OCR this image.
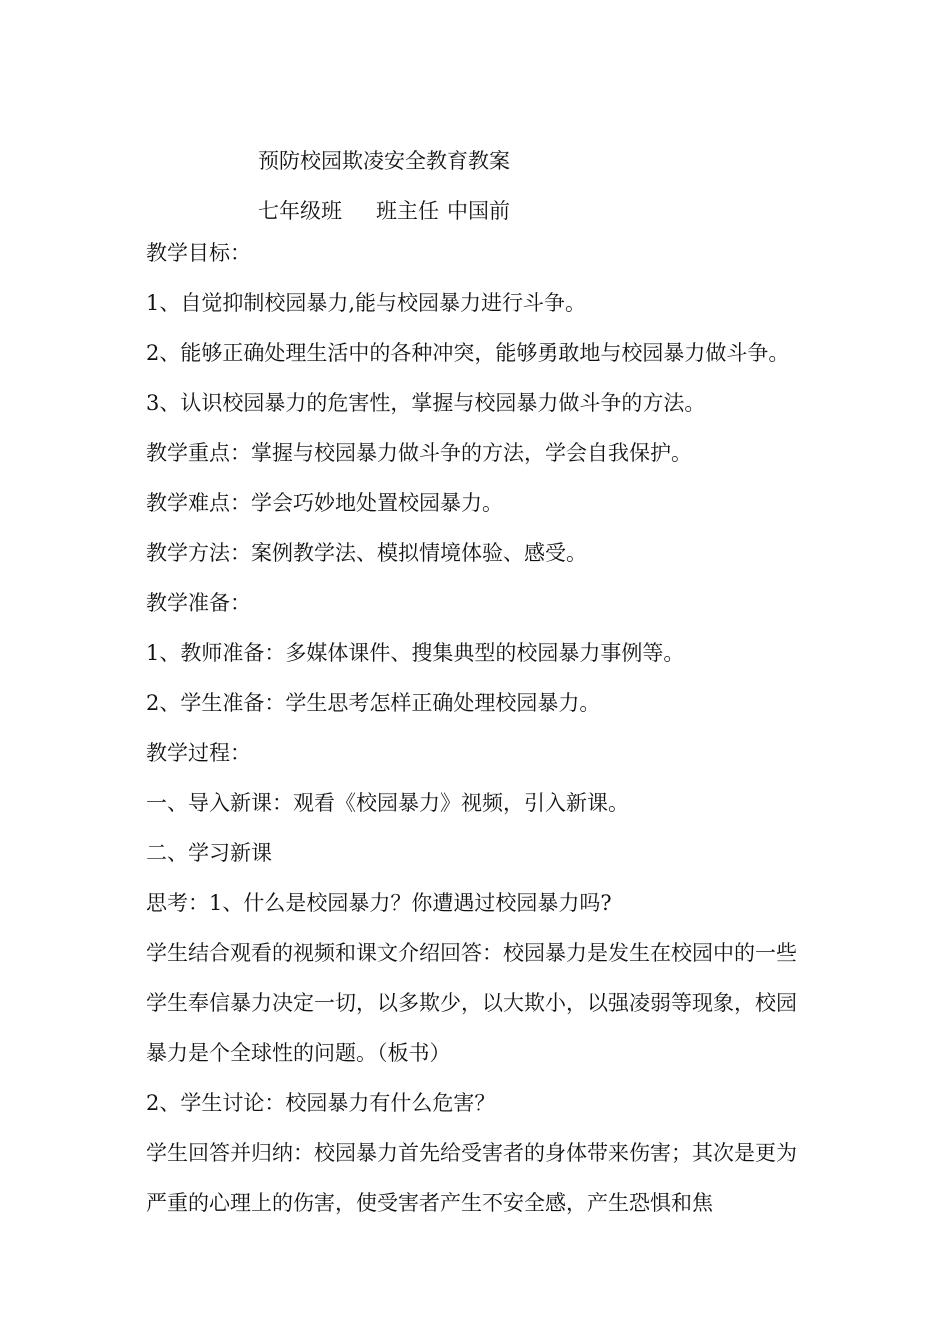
预防校园欺凌安全教育教案
七年级班 班主任 中国前

教学目标：

1、自觉抑制校园暴力,能与校园暴力进行斗争。

2、能够正确处理生活中的各种冲突，能够勇敢地与校园暴力做斗争。

3、认识校园暴力的危害性，掌握与校园暴力做斗争的方法。

教学重点：掌握与校园暴力做斗争的方法，学会自我保护。

教学难点：学会巧妙地处置校园暴力。

教学方法：案例教学法、模拟情境体验、感受。

教学准备：

1、教师准备：多媒体课件、搜集典型的校园暴力事例等。

2、学生准备：学生思考怎样正确处理校园暴力。

教学过程：

一、导入新课：观看《校园暴力》视频，引入新课。

二、学习新课

思考：1、什么是校园暴力？你遭遇过校园暴力吗?

学生结合观看的视频和课文介绍回答：校园暴力是发生在校园中的一些学生奉信暴力决定一切，以多欺少，以大欺小，以强凌弱等现象，校园暴力是个全球性的问题。（板书）

2、学生讨论：校园暴力有什么危害？

学生回答并归纳：校园暴力首先给受害者的身体带来伤害；其次是更为严重的心理上的伤害，使受害者产生不安全感，产生恐惧和焦
